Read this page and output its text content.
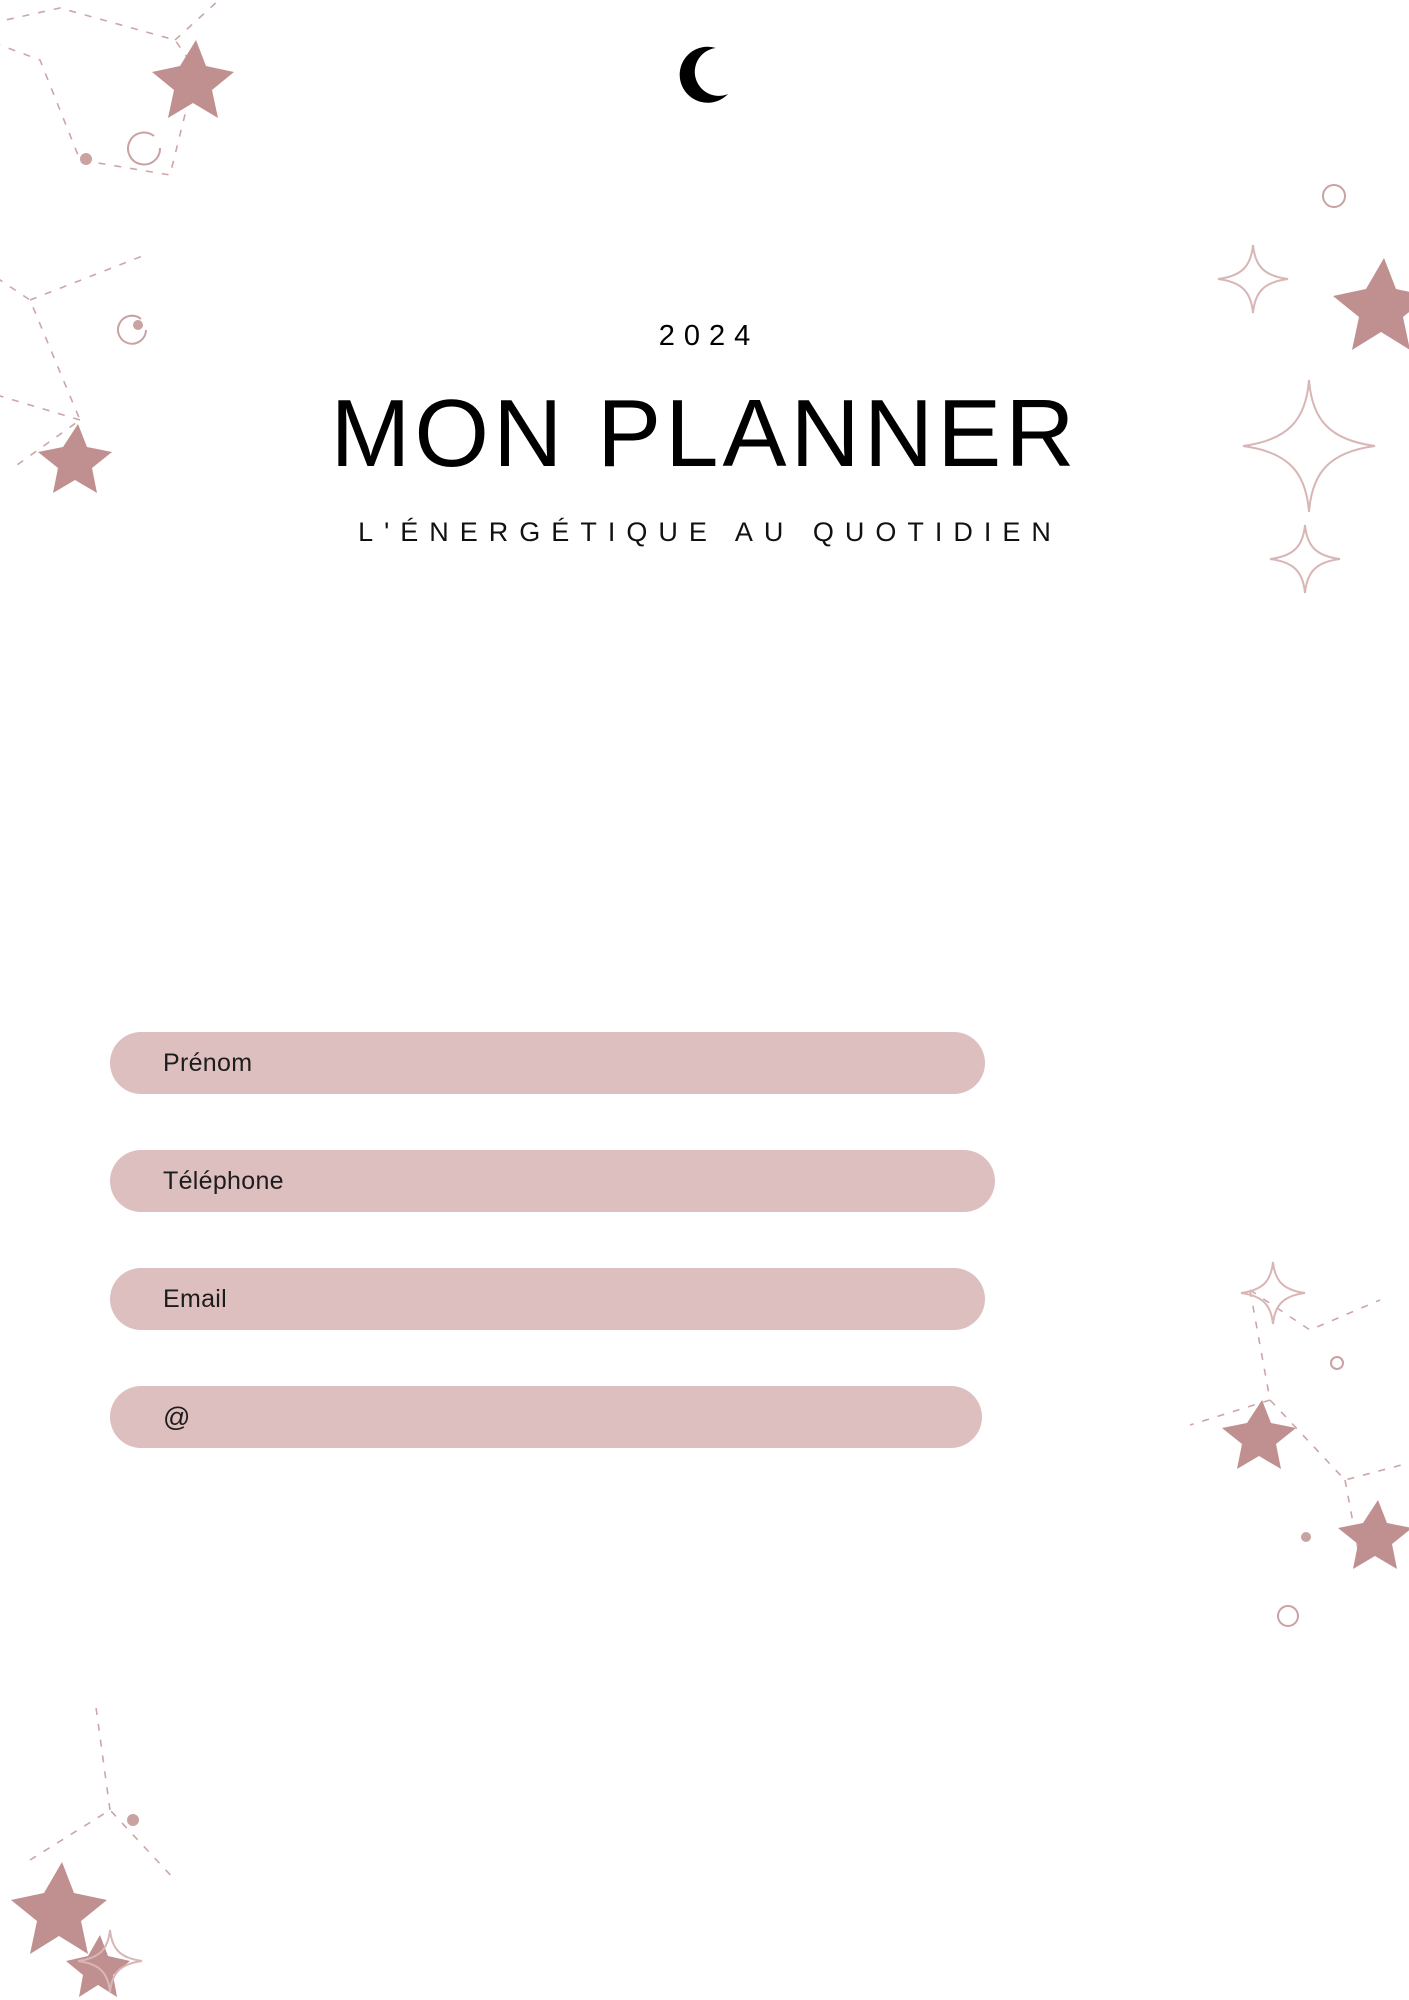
2024
MON PLANNER
L'ÉNERGÉTIQUE AU QUOTIDIEN
Prénom
Téléphone
Email
@
